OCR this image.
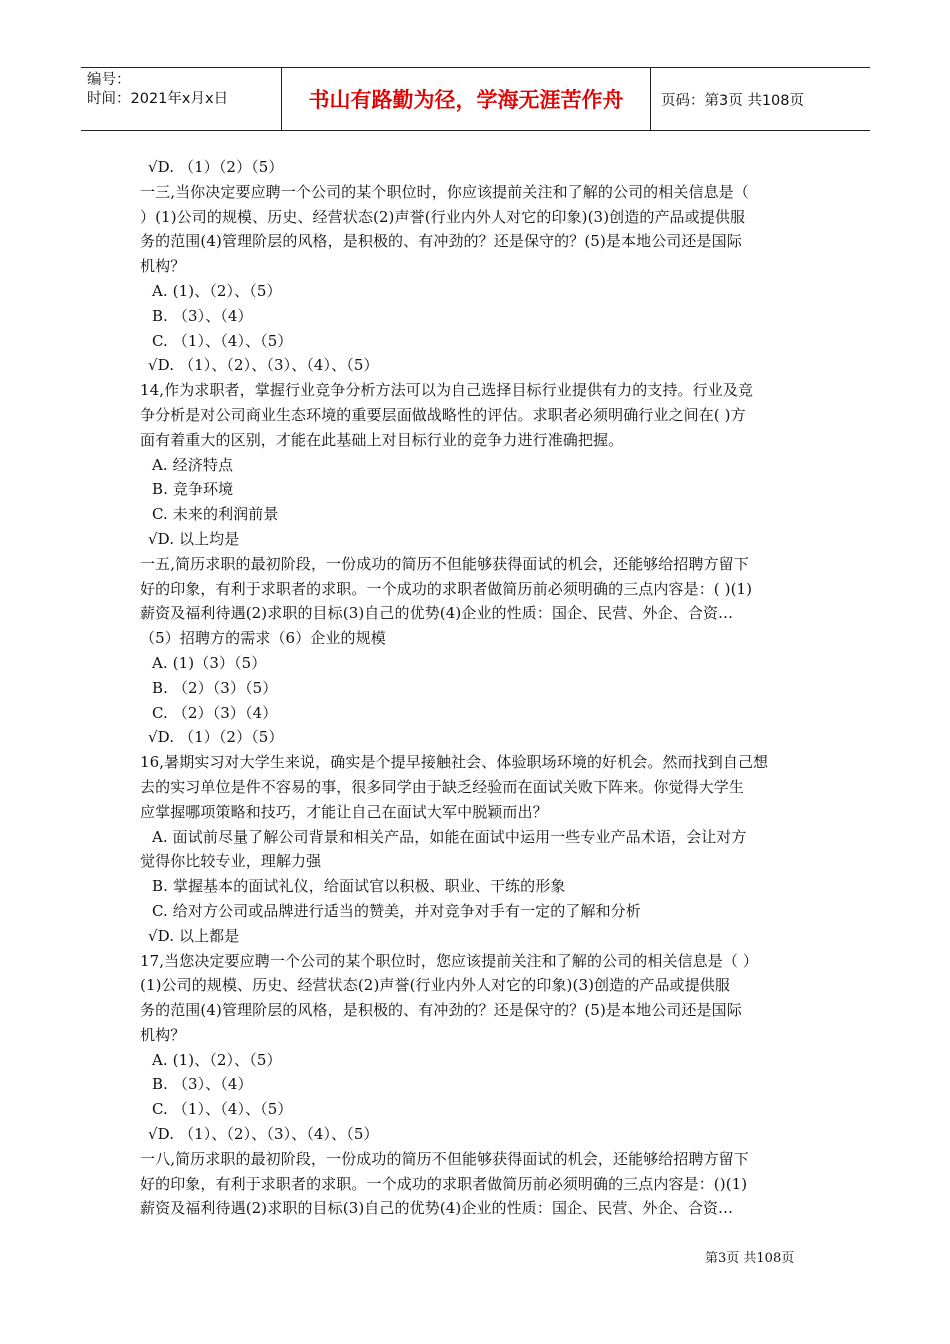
编号：
时间：2021年x月x日	书山有路勤为径，学海无涯苦作舟	页码：第3页 共108页
√D. （1）（2）（5）
一三,当你决定要应聘一个公司的某个职位时，你应该提前关注和了解的公司的相关信息是（
）(1)公司的规模、历史、经营状态(2)声誉(行业内外人对它的印象)(3)创造的产品或提供服
务的范围(4)管理阶层的风格，是积极的、有冲劲的？还是保守的？(5)是本地公司还是国际
机构？
A. (1)、（2）、（5）
B. （3）、（4）
C. （1）、（4）、（5）
√D. （1）、（2）、（3）、（4）、（5）
14,作为求职者，掌握行业竞争分析方法可以为自己选择目标行业提供有力的支持。行业及竞
争分析是对公司商业生态环境的重要层面做战略性的评估。求职者必须明确行业之间在( )方
面有着重大的区别，才能在此基础上对目标行业的竞争力进行准确把握。
A. 经济特点
B. 竞争环境
C. 未来的利润前景
√D. 以上均是
一五,简历求职的最初阶段，一份成功的简历不但能够获得面试的机会，还能够给招聘方留下
好的印象，有利于求职者的求职。一个成功的求职者做简历前必须明确的三点内容是：( )(1)
薪资及福利待遇(2)求职的目标(3)自己的优势(4)企业的性质：国企、民营、外企、合资…
（5）招聘方的需求（6）企业的规模
A. (1)（3）（5）
B. （2）（3）（5）
C. （2）（3）（4）
√D. （1）（2）（5）
16,暑期实习对大学生来说，确实是个提早接触社会、体验职场环境的好机会。然而找到自己想
去的实习单位是件不容易的事，很多同学由于缺乏经验而在面试关败下阵来。你觉得大学生
应掌握哪项策略和技巧，才能让自己在面试大军中脱颖而出？
A. 面试前尽量了解公司背景和相关产品，如能在面试中运用一些专业产品术语，会让对方
觉得你比较专业，理解力强
B. 掌握基本的面试礼仪，给面试官以积极、职业、干练的形象
C. 给对方公司或品牌进行适当的赞美，并对竞争对手有一定的了解和分析
√D. 以上都是
17,当您决定要应聘一个公司的某个职位时，您应该提前关注和了解的公司的相关信息是（ ）
(1)公司的规模、历史、经营状态(2)声誉(行业内外人对它的印象)(3)创造的产品或提供服
务的范围(4)管理阶层的风格，是积极的、有冲劲的？还是保守的？(5)是本地公司还是国际
机构？
A. (1)、（2）、（5）
B. （3）、（4）
C. （1）、（4）、（5）
√D. （1）、（2）、（3）、（4）、（5）
一八,简历求职的最初阶段，一份成功的简历不但能够获得面试的机会，还能够给招聘方留下
好的印象，有利于求职者的求职。一个成功的求职者做简历前必须明确的三点内容是：()(1)
薪资及福利待遇(2)求职的目标(3)自己的优势(4)企业的性质：国企、民营、外企、合资…
第3页 共108页
